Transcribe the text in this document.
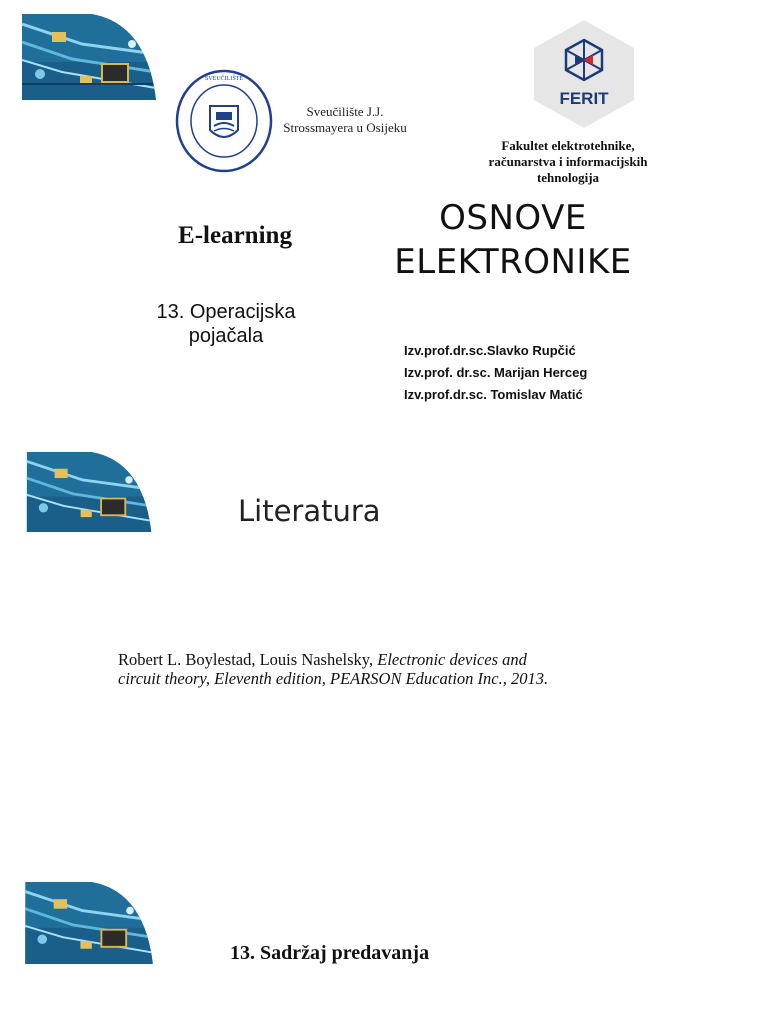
SVEUČILIŠTE
Sveučilište J.J.
Strossmayera u Osijeku
FERIT
Fakultet elektrotehnike,
računarstva i informacijskih
tehnologija
E-learning	OSNOVE
ELEKTRONIKE
13. Operacijska
pojačala
Izv.prof.dr.sc.Slavko Rupčić
Izv.prof. dr.sc. Marijan Herceg
Izv.prof.dr.sc. Tomislav Matić
Literatura
Robert L. Boylestad, Louis Nashelsky, Electronic devices and
circuit theory, Eleventh edition, PEARSON Education Inc., 2013.
13. Sadržaj predavanja
